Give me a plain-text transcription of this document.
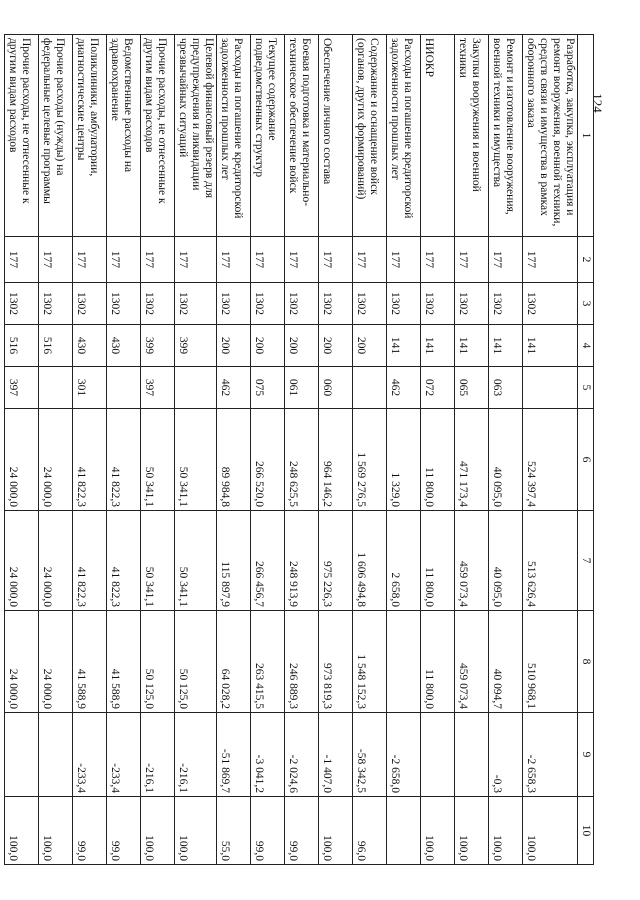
124
1	2	3	4	5	6	7	8	9	10
Разработка, закупка, эксплуатация и ремонт вооружения, военной техники, средств связи и имущества в рамках оборонного заказа	177	1302	141		524 397,4	513 626,4	510 968,1	-2 658,3	100,0
Ремонт и изготовление вооружения, военной техники и имущества	177	1302	141	063	40 095,0	40 095,0	40 094,7	-0,3	100,0
Закупки вооружения и военной техники	177	1302	141	065	471 173,4	459 073,4	459 073,4		100,0
НИОКР	177	1302	141	072	11 800,0	11 800,0	11 800,0		100,0
Расходы на погашение кредиторской задолженности прошлых лет	177	1302	141	462	1 329,0	2 658,0		-2 658,0	
Содержание и оснащение войск (органов, других формирований)	177	1302	200		1 569 276,5	1 606 494,8	1 548 152,3	-58 342,5	96,0
Обеспечение личного состава	177	1302	200	060	964 146,2	975 226,3	973 819,3	-1 407,0	100,0
Боевая подготовка и материально-техническое обеспечение войск	177	1302	200	061	248 625,5	248 913,9	246 889,3	-2 024,6	99,0
Текущее содержание подведомственных структур	177	1302	200	075	266 520,0	266 456,7	263 415,5	-3 041,2	99,0
Расходы на погашение кредиторской задолженности прошлых лет	177	1302	200	462	89 984,8	115 897,9	64 028,2	-51 869,7	55,0
Целевой финансовый резерв для предупреждения и ликвидации чрезвычайных ситуаций	177	1302	399		50 341,1	50 341,1	50 125,0	-216,1	100,0
Прочие расходы, не отнесенные к другим видам расходов	177	1302	399	397	50 341,1	50 341,1	50 125,0	-216,1	100,0
Ведомственные расходы на здравоохранение	177	1302	430		41 822,3	41 822,3	41 588,9	-233,4	99,0
Поликлиники, амбулатории, диагностические центры	177	1302	430	301	41 822,3	41 822,3	41 588,9	-233,4	99,0
Прочие расходы (нужды) на федеральные целевые программы	177	1302	516		24 000,0	24 000,0	24 000,0		100,0
Прочие расходы, не отнесенные к другим видам расходов	177	1302	516	397	24 000,0	24 000,0	24 000,0		100,0
